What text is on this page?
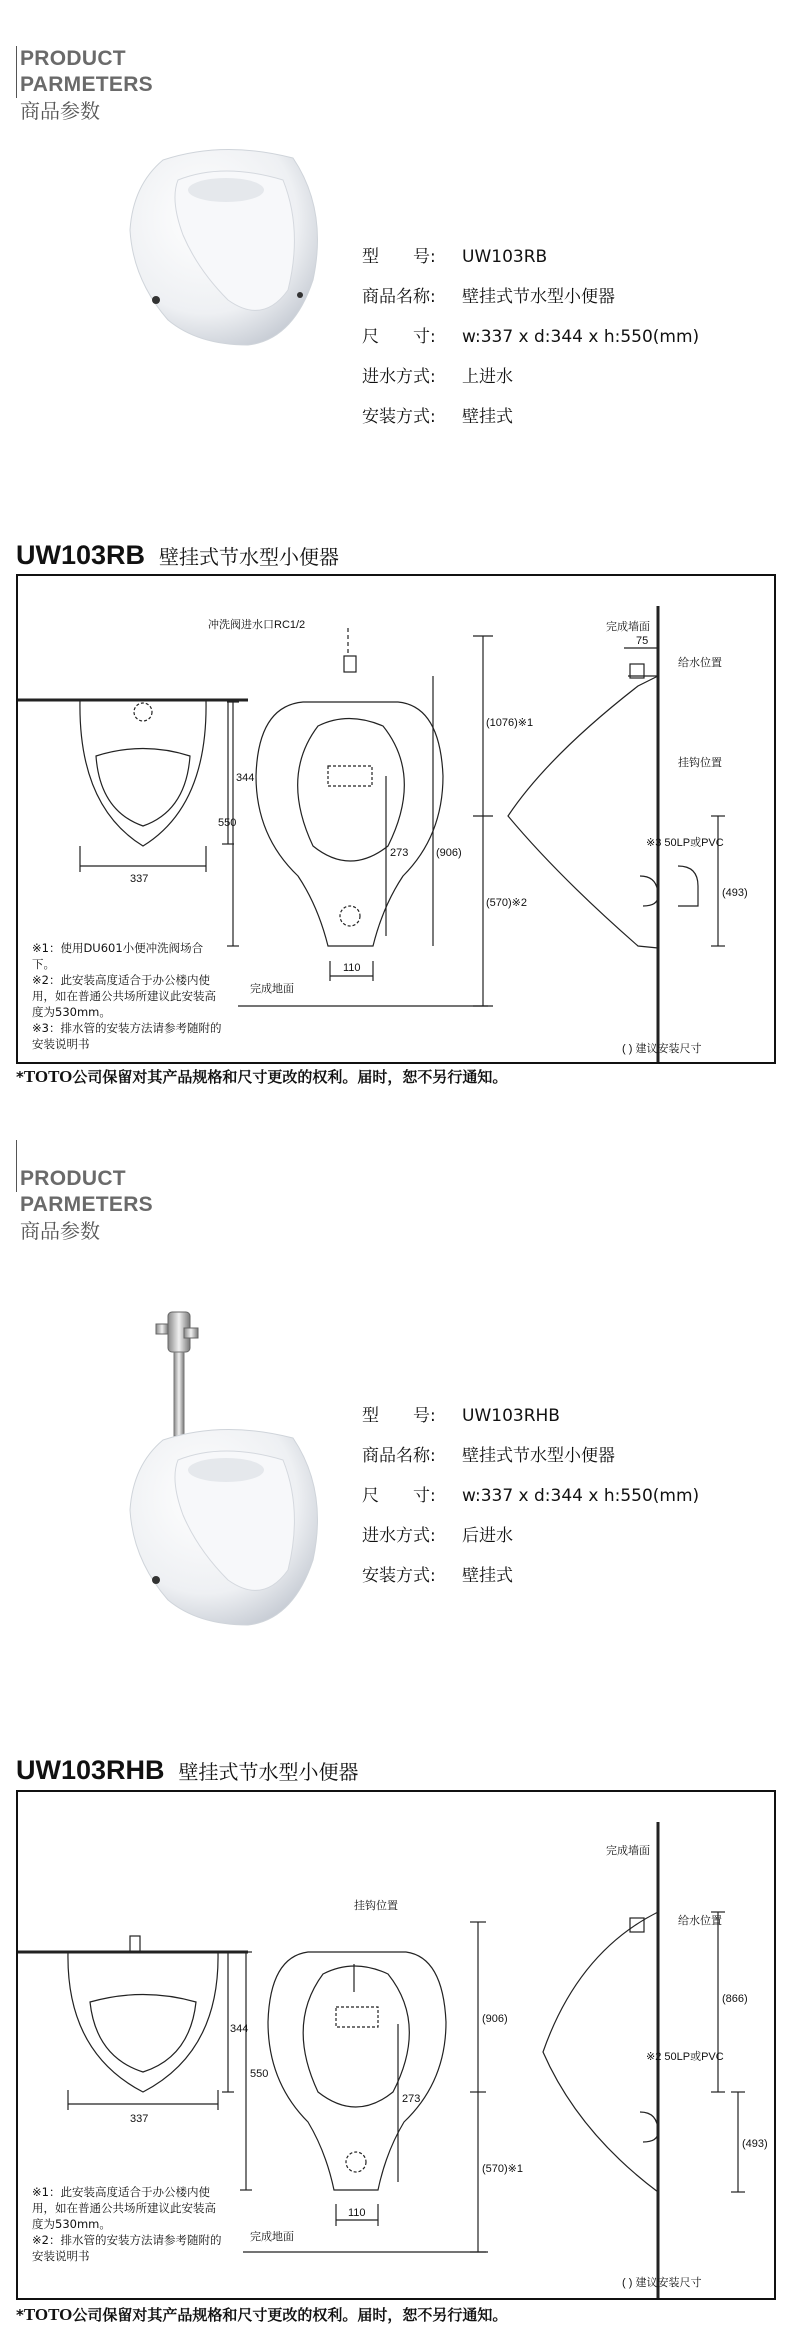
PRODUCT
PARMETERS
商品参数
型　　号: UW103RB
商品名称: 壁挂式节水型小便器
尺　　寸: w:337 x d:344 x h:550(mm)
进水方式: 上进水
安装方式: 壁挂式
UW103RB 壁挂式节水型小便器
冲洗阀进水口RC1/2	完成墙面
给水位置
挂钩位置
完成地面
※3 50LP或PVC
( ) 建议安装尺寸
337
344
550
273	(906)
(1076)※1
(570)※2
110
75
(493)
※1：使用DU601小便冲洗阀场合下。
※2：此安装高度适合于办公楼内使用，如在普通公共场所建议此安装高度为530mm。
※3：排水管的安装方法请参考随附的安装说明书
*TOTO公司保留对其产品规格和尺寸更改的权利。届时，恕不另行通知。
PRODUCT
PARMETERS
商品参数
型　　号: UW103RHB
商品名称: 壁挂式节水型小便器
尺　　寸: w:337 x d:344 x h:550(mm)
进水方式: 后进水
安装方式: 壁挂式
UW103RHB 壁挂式节水型小便器
挂钩位置
完成墙面
给水位置
完成地面
※2 50LP或PVC
( ) 建议安装尺寸
337
344
550
273
(906)
(570)※1
110
(866)
(493)
※1：此安装高度适合于办公楼内使用，如在普通公共场所建议此安装高度为530mm。
※2：排水管的安装方法请参考随附的安装说明书
*TOTO公司保留对其产品规格和尺寸更改的权利。届时，恕不另行通知。
